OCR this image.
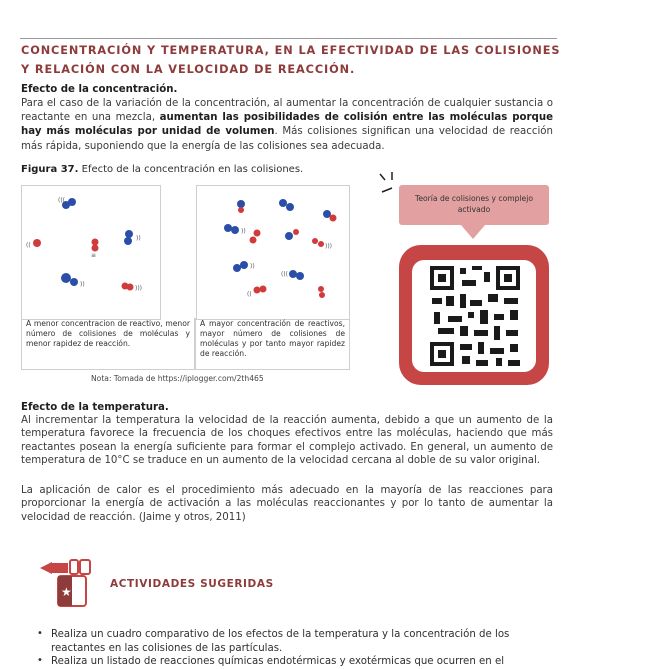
CONCENTRACIÓN Y TEMPERATURA, EN LA EFECTIVIDAD DE LAS COLISIONES Y RELACIÓN CON LA VELOCIDAD DE REACCIÓN.
Efecto de la concentración.
Para el caso de la variación de la concentración, al aumentar la concentración de cualquier sustancia o reactante en una mezcla, aumentan las posibilidades de colisión entre las moléculas porque hay más moléculas por unidad de volumen. Más colisiones significan una velocidad de reacción más rápida, suponiendo que la energía de las colisiones sea adecuada.
Figura 37. Efecto de la concentración en las colisiones.
(((
((
≡
))
))
)))
A menor concentracion de reactivo, menor número de colisiones de moléculas y menor rapidez de reacción.
))
)))
))
(((
((
A mayor concentración de reactivos, mayor número de colisiones de moléculas y por tanto mayor rapidez de reacción.
Nota: Tomada de https://iplogger.com/2th465
Teoría de colisiones y complejo activado
Efecto de la temperatura.
Al incrementar la temperatura la velocidad de la reacción aumenta, debido a que un aumento de la temperatura favorece la frecuencia de los choques efectivos entre las moléculas, haciendo que más reactantes posean la energía suficiente para formar el complejo activado. En general, un aumento de temperatura de 10°C se traduce en un aumento de la velocidad cercana al doble de su valor original.
La aplicación de calor es el procedimiento más adecuado en la mayoría de las reacciones para proporcionar la energía de activación a las moléculas reaccionantes y por lo tanto de aumentar la velocidad de reacción. (Jaime y otros, 2011)
★
ACTIVIDADES SUGERIDAS
• Realiza un cuadro comparativo de los efectos de la temperatura y la concentración de los reactantes en las colisiones de las partículas.
• Realiza un listado de reacciones químicas endotérmicas y exotérmicas que ocurren en el
